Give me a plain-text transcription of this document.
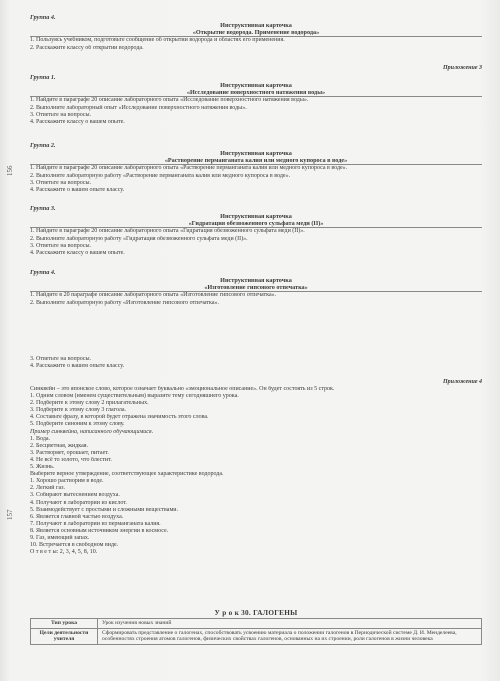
156
157
Группа 4.
Инструктивная карточка
«Открытие водорода. Применение водорода»
1. Пользуясь учебником, подготовьте сообщение об открытии водорода и областях его применения.
2. Расскажите классу об открытии водорода.
Приложение 3
Группа 1.
Инструктивная карточка
«Исследование поверхностного натяжения воды»
1. Найдите в параграфе 20 описание лабораторного опыта «Исследование поверхностного натяжения воды».
2. Выполните лабораторный опыт «Исследование поверхностного натяжения воды».
3. Ответьте на вопросы.
4. Расскажите классу о вашем опыте.
Группа 2.
Инструктивная карточка
«Растворение перманганата калия или медного купороса в воде»
1. Найдите в параграфе 20 описание лабораторного опыта «Растворение перманганата калия или медного купороса в воде».
2. Выполните лабораторную работу «Растворение перманганата калия или медного купороса в воде».
3. Ответьте на вопросы.
4. Расскажите о вашем опыте классу.
Группа 3.
Инструктивная карточка
«Гидратация обезвоженного сульфата меди (II)»
1. Найдите в параграфе 20 описание лабораторного опыта «Гидратация обезвоженного сульфата меди (II)».
2. Выполните лабораторную работу «Гидратация обезвоженного сульфата меди (II)».
3. Ответьте на вопросы.
4. Расскажите классу о вашем опыте.
Группа 4.
Инструктивная карточка
«Изготовление гипсового отпечатка»
1. Найдите в 20 параграфе описание лабораторного опыта «Изготовление гипсового отпечатка».
2. Выполните лабораторную работу «Изготовление гипсового отпечатка».
3. Ответьте на вопросы.
4. Расскажите о вашем опыте классу.
Приложение 4
Синквейн – это японское слово, которое означает буквально «эмоциональное описание». Он будет состоять из 5 строк.
1. Одним словом (именем существительным) выразите тему сегодняшнего урока.
2. Подберите к этому слову 2 прилагательных.
3. Подберите к этому слову 3 глагола.
4. Составьте фразу, в которой будет отражена значимость этого слова.
5. Подберите синоним к этому слову.
Пример синквейна, написанного обучающимися.
1. Вода.
2. Бесцветная, жидкая.
3. Растворяет, орошает, питает.
4. Не всё то золото, что блестит.
5. Жизнь.
Выберите верное утверждение, соответствующее характеристике водорода.
1. Хорошо растворим в воде.
2. Легкий газ.
3. Собирают вытеснением воздуха.
4. Получают в лаборатории из кислот.
5. Взаимодействует с простыми и сложными веществами.
6. Является главной частью воздуха.
7. Получают в лаборатории из перманганата калия.
8. Является основным источником энергии в космосе.
9. Газ, имеющий запах.
10. Встречается в свободном виде.
О т в е т ы: 2, 3, 4, 5, 8, 10.
У р о к 30. ГАЛОГЕНЫ
Тип урока	Урок изучения новых знаний
Цели деятельности учителя	Сформировать представление о галогенах, способствовать усвоению материала о положении галогенов в Периодической системе Д. И. Менделеева, особенностях строения атомов галогенов, физических свойствах галогенов, основанных на их строении, роли галогенов в жизни человека
